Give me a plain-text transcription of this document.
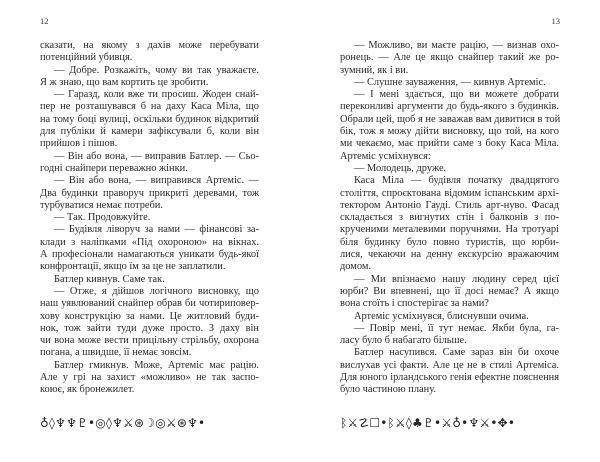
12
сказати, на якому з дахів може перебувати
потенційний убивця.
— Добре. Розкажіть, чому ви так уважаєте.
Я ж знаю, що вам кортить це зробити.
— Гаразд, коли вже ти просиш. Жоден снай-
пер не розташувався б на даху Каса Міла, що
на тому боці вулиці, оскільки будинок відкритий
для публіки й камери зафіксували б, коли він
прийшов і пішов.
— Він або вона, — виправив Батлер. — Сьо-
годні снайпери переважно жінки.
— Він або вона, — виправився Артеміс. —
Два будинки праворуч прикриті деревами, тож
турбуватися немає потреби.
— Так. Продовжуйте.
— Будівля ліворуч за нами — фінансові за-
клади з наліпками «Під охороною» на вікнах.
А професіонали намагаються уникати будь-якої
конфронтації, якщо їм за це не заплатили.
Батлер кивнув. Саме так.
— Отже, я дійшов логічного висновку, що
наш уявлюваний снайпер обрав би чотириповер-
хову конструкцію за нами. Це житловий буди-
нок, тож зайти туди дуже просто. З даху він
чи вона може вести прицільну стрільбу, охорона
погана, а швидше, її немає зовсім.
Батлер гмикнув. Може, Артеміс має рацію.
Але у грі на захист «можливо» не так заспо-
коює, як бронежилет.
♁◊♆♆♇•◎◊♆⚔⊛☽◎⚔⊛♆•
13
— Можливо, ви маєте рацію, — визнав охо-
ронець. — Але це якщо снайпер такий же ро-
зумний, як і ви.
— Слушне зауваження, — кивнув Артеміс.
— І мені здається, що ви можете добрати
переконливі аргументи до будь-якого з будинків.
Обрали цей, щоб я не заважав вам дивитися в той
бік, тож я можу дійти висновку, що той, на кого
ми чекаємо, має прийти саме з боку Каса Міла.
Артеміс усміхнувся:
— Молодець, друже.
Каса Міла — будівля початку двадцятого
століття, спроєктована відомим іспанським архі-
тектором Антоніо Гауді. Стиль арт-нуво. Фасад
складається з вигнутих стін і балконів з по-
крученими металевими поручнями. На тротуарі
біля будинку було повно туристів, що юрби-
лися, чекаючи на денну екскурсію вражаючим
домом.
— Ми впізнаємо нашу людину серед цієї
юрби? Ви впевнені, що її досі немає? А якщо
вона стоїть і спостерігає за нами?
Артеміс усміхнувся, блиснувши очима.
— Повір мені, її тут немає. Якби була, га-
ласу було б набагато більше.
Батлер насупився. Саме зараз він би охоче
вислухав усі факти. Але це не в стилі Артеміса.
Для юного ірландського генія ефектне пояснення
було частиною плану.
ᛒ⚔☡☐•ᛒ⚔◊♣♇•⚔♁•♆⚔•✥•
